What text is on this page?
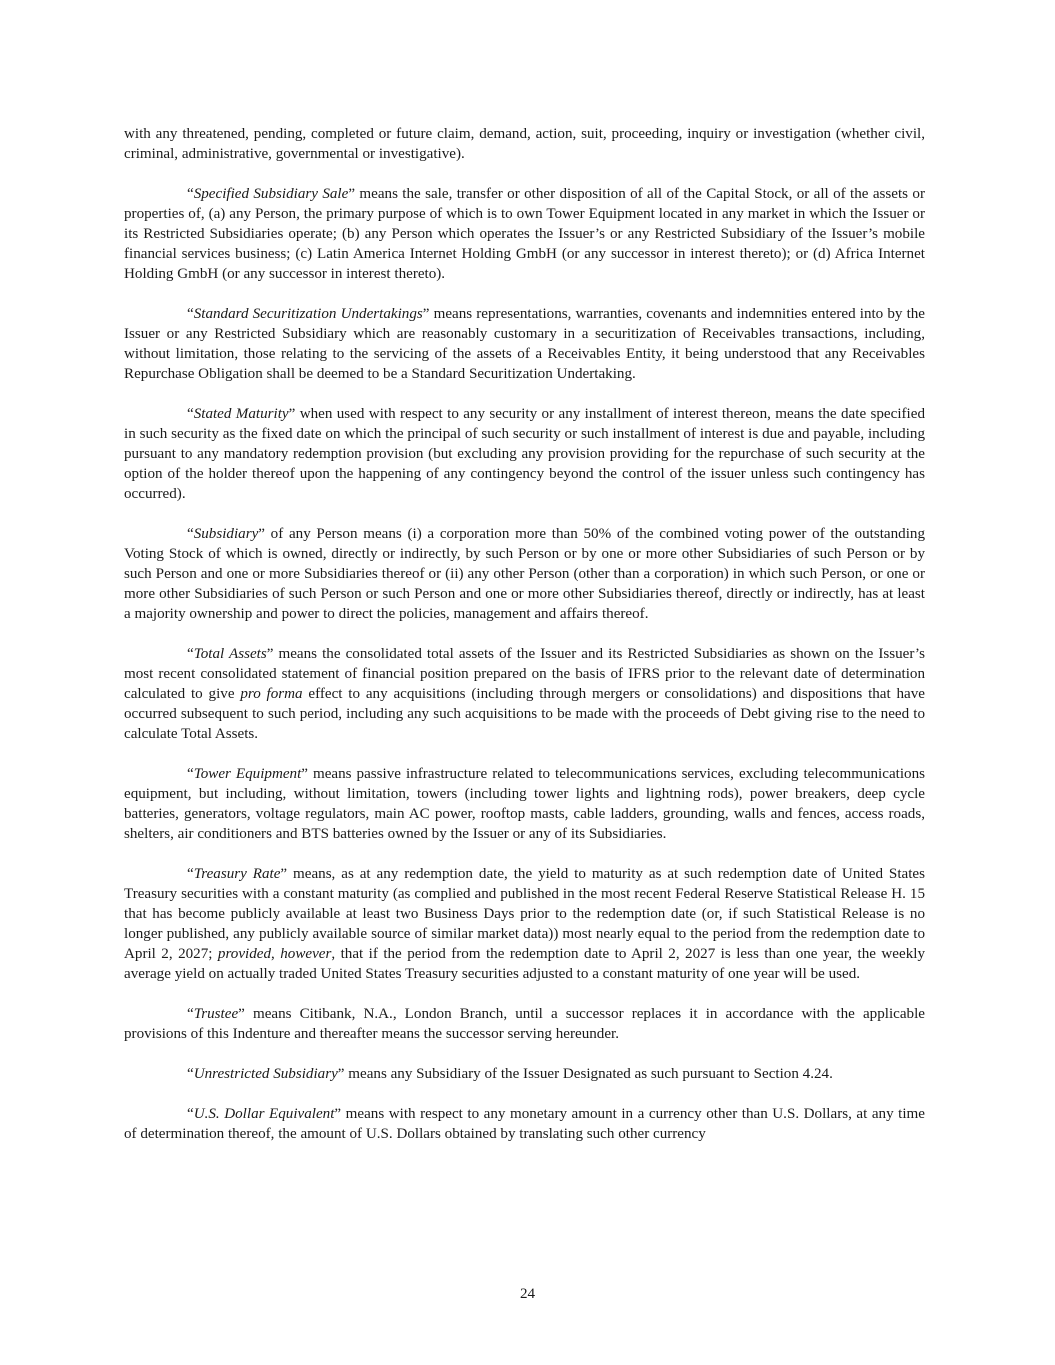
with any threatened, pending, completed or future claim, demand, action, suit, proceeding, inquiry or investigation (whether civil, criminal, administrative, governmental or investigative).

“Specified Subsidiary Sale” means the sale, transfer or other disposition of all of the Capital Stock, or all of the assets or properties of, (a) any Person, the primary purpose of which is to own Tower Equipment located in any market in which the Issuer or its Restricted Subsidiaries operate; (b) any Person which operates the Issuer’s or any Restricted Subsidiary of the Issuer’s mobile financial services business; (c) Latin America Internet Holding GmbH (or any successor in interest thereto); or (d) Africa Internet Holding GmbH (or any successor in interest thereto).

“Standard Securitization Undertakings” means representations, warranties, covenants and indemnities entered into by the Issuer or any Restricted Subsidiary which are reasonably customary in a securitization of Receivables transactions, including, without limitation, those relating to the servicing of the assets of a Receivables Entity, it being understood that any Receivables Repurchase Obligation shall be deemed to be a Standard Securitization Undertaking.

“Stated Maturity” when used with respect to any security or any installment of interest thereon, means the date specified in such security as the fixed date on which the principal of such security or such installment of interest is due and payable, including pursuant to any mandatory redemption provision (but excluding any provision providing for the repurchase of such security at the option of the holder thereof upon the happening of any contingency beyond the control of the issuer unless such contingency has occurred).

“Subsidiary” of any Person means (i) a corporation more than 50% of the combined voting power of the outstanding Voting Stock of which is owned, directly or indirectly, by such Person or by one or more other Subsidiaries of such Person or by such Person and one or more Subsidiaries thereof or (ii) any other Person (other than a corporation) in which such Person, or one or more other Subsidiaries of such Person or such Person and one or more other Subsidiaries thereof, directly or indirectly, has at least a majority ownership and power to direct the policies, management and affairs thereof.

“Total Assets” means the consolidated total assets of the Issuer and its Restricted Subsidiaries as shown on the Issuer’s most recent consolidated statement of financial position prepared on the basis of IFRS prior to the relevant date of determination calculated to give pro forma effect to any acquisitions (including through mergers or consolidations) and dispositions that have occurred subsequent to such period, including any such acquisitions to be made with the proceeds of Debt giving rise to the need to calculate Total Assets.

“Tower Equipment” means passive infrastructure related to telecommunications services, excluding telecommunications equipment, but including, without limitation, towers (including tower lights and lightning rods), power breakers, deep cycle batteries, generators, voltage regulators, main AC power, rooftop masts, cable ladders, grounding, walls and fences, access roads, shelters, air conditioners and BTS batteries owned by the Issuer or any of its Subsidiaries.

“Treasury Rate” means, as at any redemption date, the yield to maturity as at such redemption date of United States Treasury securities with a constant maturity (as complied and published in the most recent Federal Reserve Statistical Release H. 15 that has become publicly available at least two Business Days prior to the redemption date (or, if such Statistical Release is no longer published, any publicly available source of similar market data)) most nearly equal to the period from the redemption date to April 2, 2027; provided, however, that if the period from the redemption date to April 2, 2027 is less than one year, the weekly average yield on actually traded United States Treasury securities adjusted to a constant maturity of one year will be used.

“Trustee” means Citibank, N.A., London Branch, until a successor replaces it in accordance with the applicable provisions of this Indenture and thereafter means the successor serving hereunder.

“Unrestricted Subsidiary” means any Subsidiary of the Issuer Designated as such pursuant to Section 4.24.

“U.S. Dollar Equivalent” means with respect to any monetary amount in a currency other than U.S. Dollars, at any time of determination thereof, the amount of U.S. Dollars obtained by translating such other currency

24
